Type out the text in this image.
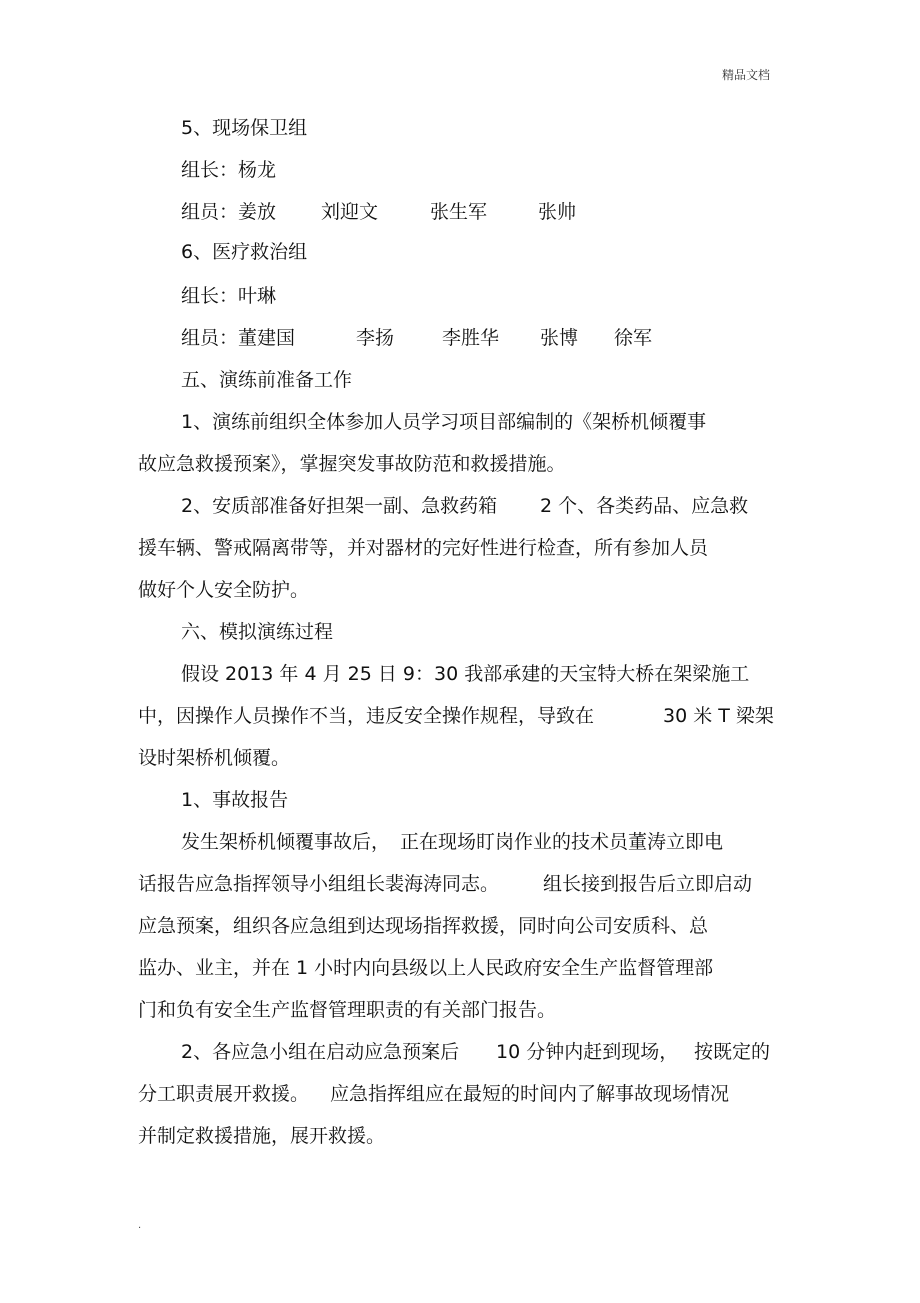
精品文档
5、现场保卫组
组长：杨龙
组员： 姜放 刘迎文	张生军	张帅
6、医疗救治组
组长：叶琳
组员： 董建国	李扬	李胜华 张博 徐军
五、演练前准备工作
1、演练前组织全体参加人员学习项目部编制的《架桥机倾覆事
故应急救援预案》，掌握突发事故防范和救援措施。
2、安质部准备好担架一副、急救药箱 2 个、各类药品、应急救
援车辆、警戒隔离带等，并对器材的完好性进行检查，所有参加人员
做好个人安全防护。
六、模拟演练过程
假设 2013 年 4 月 25 日 9：30 我部承建的天宝特大桥在架梁施工
中，因操作人员操作不当，违反安全操作规程，导致在	30 米 T 梁架
设时架桥机倾覆。
1、事故报告
发生架桥机倾覆事故后， 正在现场盯岗作业的技术员董涛立即电
话报告应急指挥领导小组组长裴海涛同志。 组长接到报告后立即启动
应急预案，组织各应急组到达现场指挥救援，同时向公司安质科、总
监办、业主，并在 1 小时内向县级以上人民政府安全生产监督管理部
门和负有安全生产监督管理职责的有关部门报告。
2、各应急小组在启动应急预案后 10 分钟内赶到现场， 按既定的
分工职责展开救援。 应急指挥组应在最短的时间内了解事故现场情况
并制定救援措施，展开救援。
.
